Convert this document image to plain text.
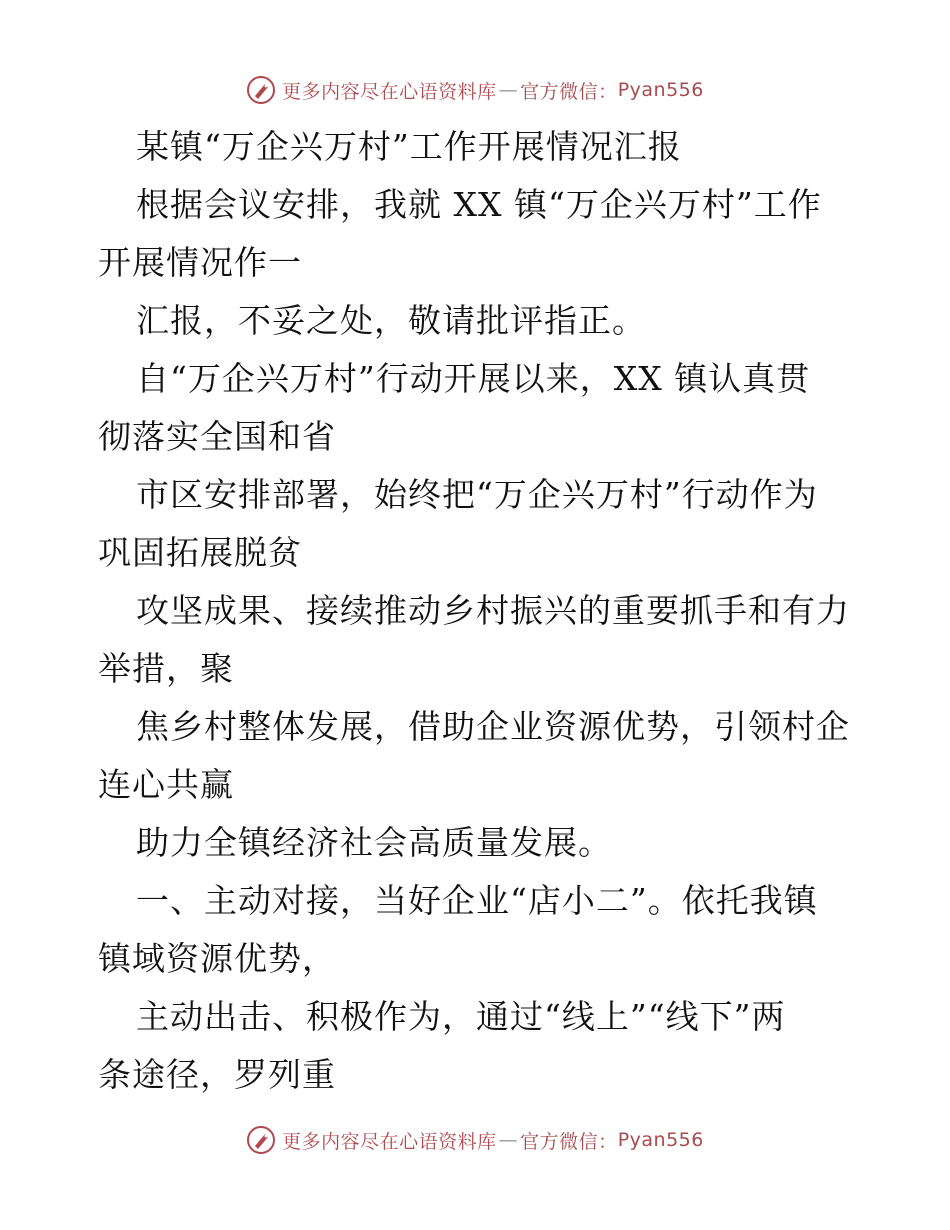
更多内容尽在心语资料库 — 官方微信： Pyan556
某镇“万企兴万村”工作开展情况汇报
根据会议安排，我就 XX 镇“万企兴万村”工作
开展情况作一
汇报，不妥之处，敬请批评指正。
自“万企兴万村”行动开展以来，XX 镇认真贯
彻落实全国和省
市区安排部署，始终把“万企兴万村”行动作为
巩固拓展脱贫
攻坚成果、接续推动乡村振兴的重要抓手和有力
举措，聚
焦乡村整体发展，借助企业资源优势，引领村企
连心共赢
助力全镇经济社会高质量发展。
一、主动对接，当好企业“店小二”。依托我镇
镇域资源优势，
主动出击、积极作为，通过“线上”“线下”两
条途径，罗列重
更多内容尽在心语资料库 — 官方微信： Pyan556
